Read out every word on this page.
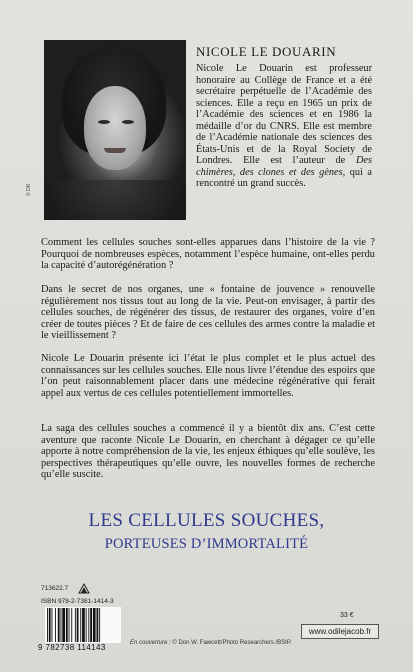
© DR
NICOLE LE DOUARIN
Nicole Le Douarin est professeur honoraire au Collège de France et a été secrétaire perpétuelle de l’Académie des sciences. Elle a reçu en 1965 un prix de l’Académie des sciences et en 1986 la médaille d’or du CNRS. Elle est membre de l’Académie nationale des sciences des États-Unis et de la Royal Society de Londres. Elle est l’auteur de Des chimères, des clones et des gènes, qui a rencontré un grand succès.

Comment les cellules souches sont-elles apparues dans l’histoire de la vie ? Pourquoi de nombreuses espèces, notamment l’espèce humaine, ont-elles perdu la capacité d’autorégénération ?

Dans le secret de nos organes, une « fontaine de jouvence » renouvelle régulièrement nos tissus tout au long de la vie. Peut-on envisager, à partir des cellules souches, de régénérer des tissus, de restaurer des organes, voire d’en créer de toutes pièces ? Et de faire de ces cellules des armes contre la maladie et le vieillissement ?

Nicole Le Douarin présente ici l’état le plus complet et le plus actuel des connaissances sur les cellules souches. Elle nous livre l’étendue des espoirs que l’on peut raisonnablement placer dans une médecine régénérative qui ferait appel aux vertus de ces cellules potentiellement immortelles.

La saga des cellules souches a commencé il y a bientôt dix ans. C’est cette aventure que raconte Nicole Le Douarin, en cherchant à dégager ce qu’elle apporte à notre compréhension de la vie, les enjeux éthiques qu’elle soulève, les perspectives thérapeutiques qu’elle ouvre, les nouvelles formes de recherche qu’elle suscite.

LES CELLULES SOUCHES,
PORTEUSES D’IMMORTALITÉ
713622.7
ISBN 978-2-7381-1414-3
9 782738 114143	En couverture : © Don W. Fawcett/Photo Researchers /BSIP.
33 €
www.odilejacob.fr
